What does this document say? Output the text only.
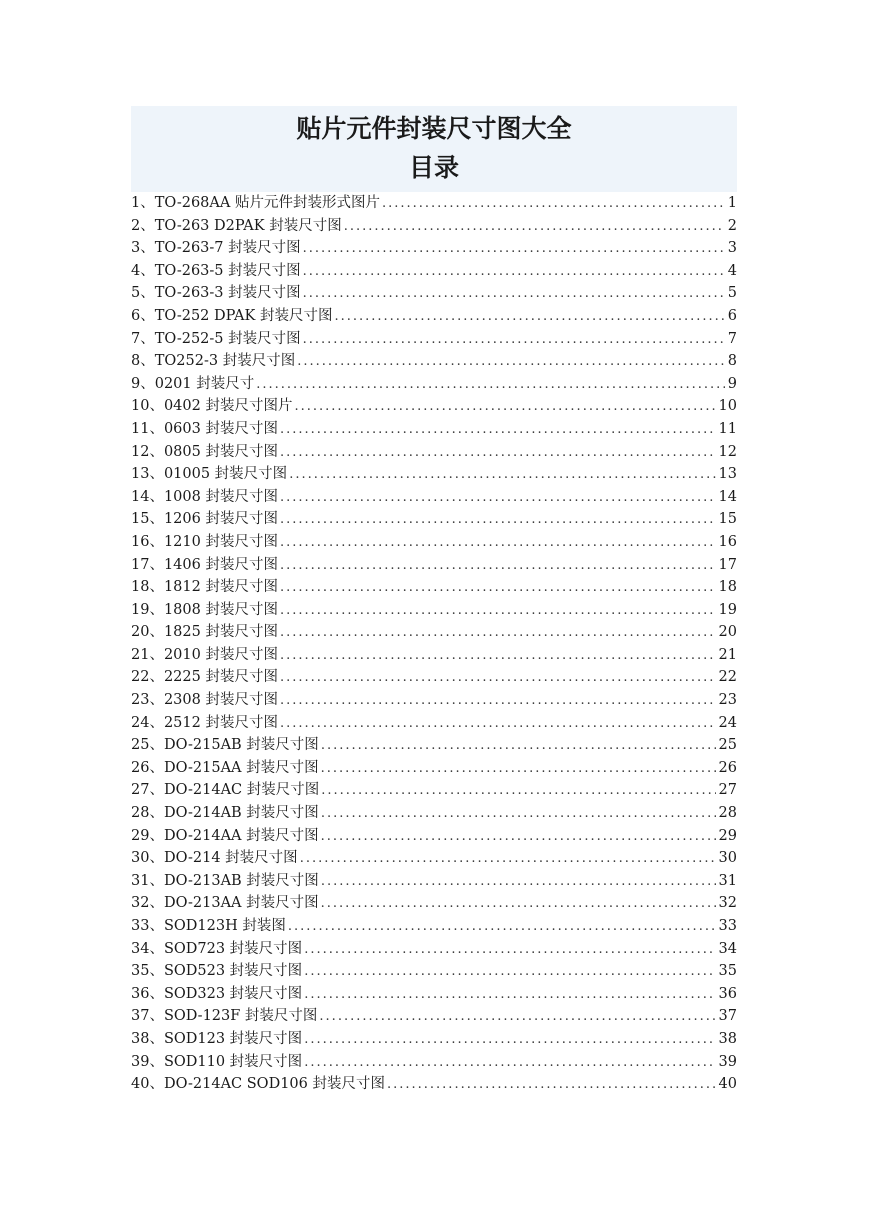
贴片元件封装尺寸图大全
目录
1、TO-268AA 贴片元件封装形式图片 .....	1
2、TO-263 D2PAK 封装尺寸图 .....	2
3、TO-263-7 封装尺寸图 .....	3
4、TO-263-5 封装尺寸图 .....	4
5、TO-263-3 封装尺寸图 .....	5
6、TO-252 DPAK 封装尺寸图 .....	6
7、TO-252-5 封装尺寸图 .....	7
8、TO252-3 封装尺寸图 .....	8
9、0201 封装尺寸 .....	9
10、0402 封装尺寸图片 .....	10
11、0603 封装尺寸图 .....	11
12、0805 封装尺寸图 .....	12
13、01005 封装尺寸图 .....	13
14、1008 封装尺寸图 .....	14
15、1206 封装尺寸图 .....	15
16、1210 封装尺寸图 .....	16
17、1406 封装尺寸图 .....	17
18、1812 封装尺寸图 .....	18
19、1808 封装尺寸图 .....	19
20、1825 封装尺寸图 .....	20
21、2010 封装尺寸图 .....	21
22、2225 封装尺寸图 .....	22
23、2308 封装尺寸图 .....	23
24、2512 封装尺寸图 .....	24
25、DO-215AB 封装尺寸图 .....	25
26、DO-215AA 封装尺寸图 .....	26
27、DO-214AC 封装尺寸图 .....	27
28、DO-214AB 封装尺寸图 .....	28
29、DO-214AA 封装尺寸图 .....	29
30、DO-214 封装尺寸图 .....	30
31、DO-213AB 封装尺寸图 .....	31
32、DO-213AA 封装尺寸图 .....	32
33、SOD123H 封装图 .....	33
34、SOD723 封装尺寸图 .....	34
35、SOD523 封装尺寸图 .....	35
36、SOD323 封装尺寸图 .....	36
37、SOD-123F 封装尺寸图 .....	37
38、SOD123 封装尺寸图 .....	38
39、SOD110 封装尺寸图 .....	39
40、DO-214AC SOD106 封装尺寸图 .....	40
